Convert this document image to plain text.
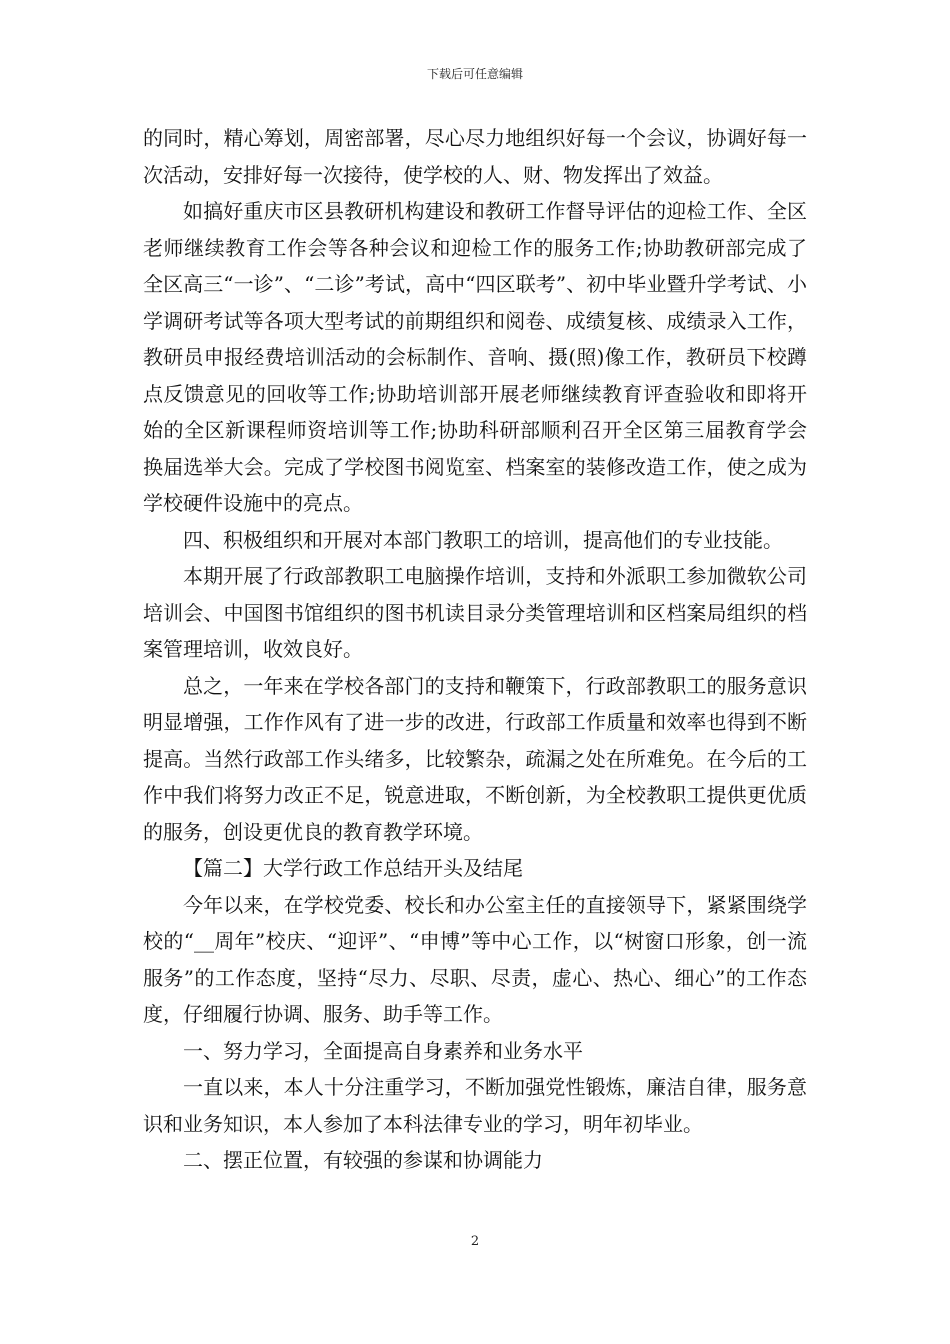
下载后可任意编辑

的同时，精心筹划，周密部署，尽心尽力地组织好每一个会议，协调好每一次活动，安排好每一次接待，使学校的人、财、物发挥出了效益。

如搞好重庆市区县教研机构建设和教研工作督导评估的迎检工作、全区老师继续教育工作会等各种会议和迎检工作的服务工作;协助教研部完成了全区高三“一诊”、“二诊”考试，高中“四区联考”、初中毕业暨升学考试、小学调研考试等各项大型考试的前期组织和阅卷、成绩复核、成绩录入工作，教研员申报经费培训活动的会标制作、音响、摄(照)像工作，教研员下校蹲点反馈意见的回收等工作;协助培训部开展老师继续教育评查验收和即将开始的全区新课程师资培训等工作;协助科研部顺利召开全区第三届教育学会换届选举大会。完成了学校图书阅览室、档案室的装修改造工作，使之成为学校硬件设施中的亮点。

四、积极组织和开展对本部门教职工的培训，提高他们的专业技能。

本期开展了行政部教职工电脑操作培训，支持和外派职工参加微软公司培训会、中国图书馆组织的图书机读目录分类管理培训和区档案局组织的档案管理培训，收效良好。

总之，一年来在学校各部门的支持和鞭策下，行政部教职工的服务意识明显增强，工作作风有了进一步的改进，行政部工作质量和效率也得到不断提高。当然行政部工作头绪多，比较繁杂，疏漏之处在所难免。在今后的工作中我们将努力改正不足，锐意进取，不断创新，为全校教职工提供更优质的服务，创设更优良的教育教学环境。

【篇二】大学行政工作总结开头及结尾

今年以来，在学校党委、校长和办公室主任的直接领导下，紧紧围绕学校的“__周年”校庆、“迎评”、“申博”等中心工作，以“树窗口形象，创一流服务”的工作态度，坚持“尽力、尽职、尽责，虚心、热心、细心”的工作态度，仔细履行协调、服务、助手等工作。

一、努力学习，全面提高自身素养和业务水平

一直以来，本人十分注重学习，不断加强党性锻炼，廉洁自律，服务意识和业务知识，本人参加了本科法律专业的学习，明年初毕业。

二、摆正位置，有较强的参谋和协调能力

2
